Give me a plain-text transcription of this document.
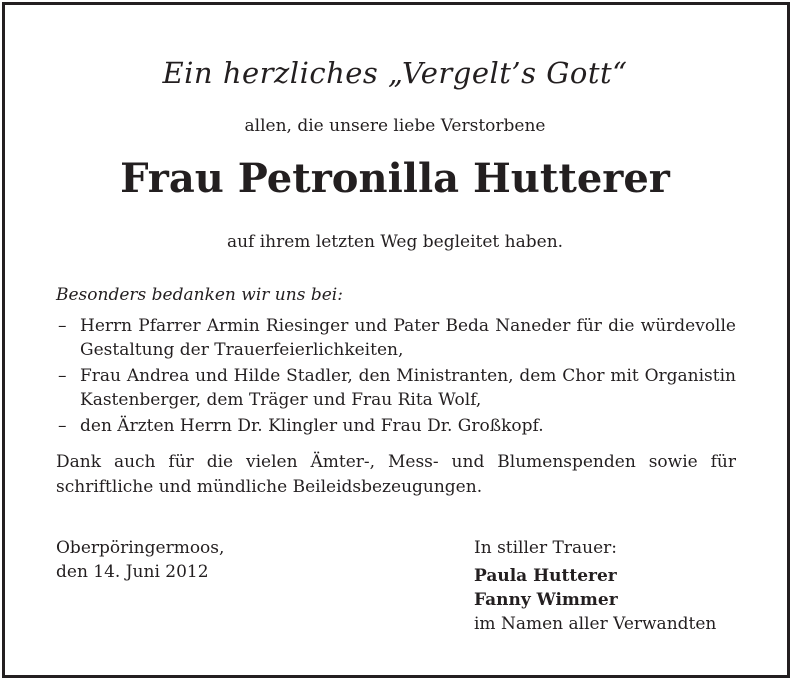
Ein herzliches „Vergelt’s Gott“
allen, die unsere liebe Verstorbene
Frau Petronilla Hutterer
auf ihrem letzten Weg begleitet haben.
Besonders bedanken wir uns bei:
– Herrn Pfarrer Armin Riesinger und Pater Beda Naneder für die würdevolle Gestaltung der Trauerfeierlichkeiten,
– Frau Andrea und Hilde Stadler, den Ministranten, dem Chor mit Organistin Kastenberger, dem Träger und Frau Rita Wolf,
– den Ärzten Herrn Dr. Klingler und Frau Dr. Großkopf.
Dank auch für die vielen Ämter-, Mess- und Blumenspenden sowie für schriftliche und mündliche Beileidsbezeugungen.
Oberpöringermoos,
den 14. Juni 2012
In stiller Trauer:
Paula Hutterer
Fanny Wimmer
im Namen aller Verwandten
